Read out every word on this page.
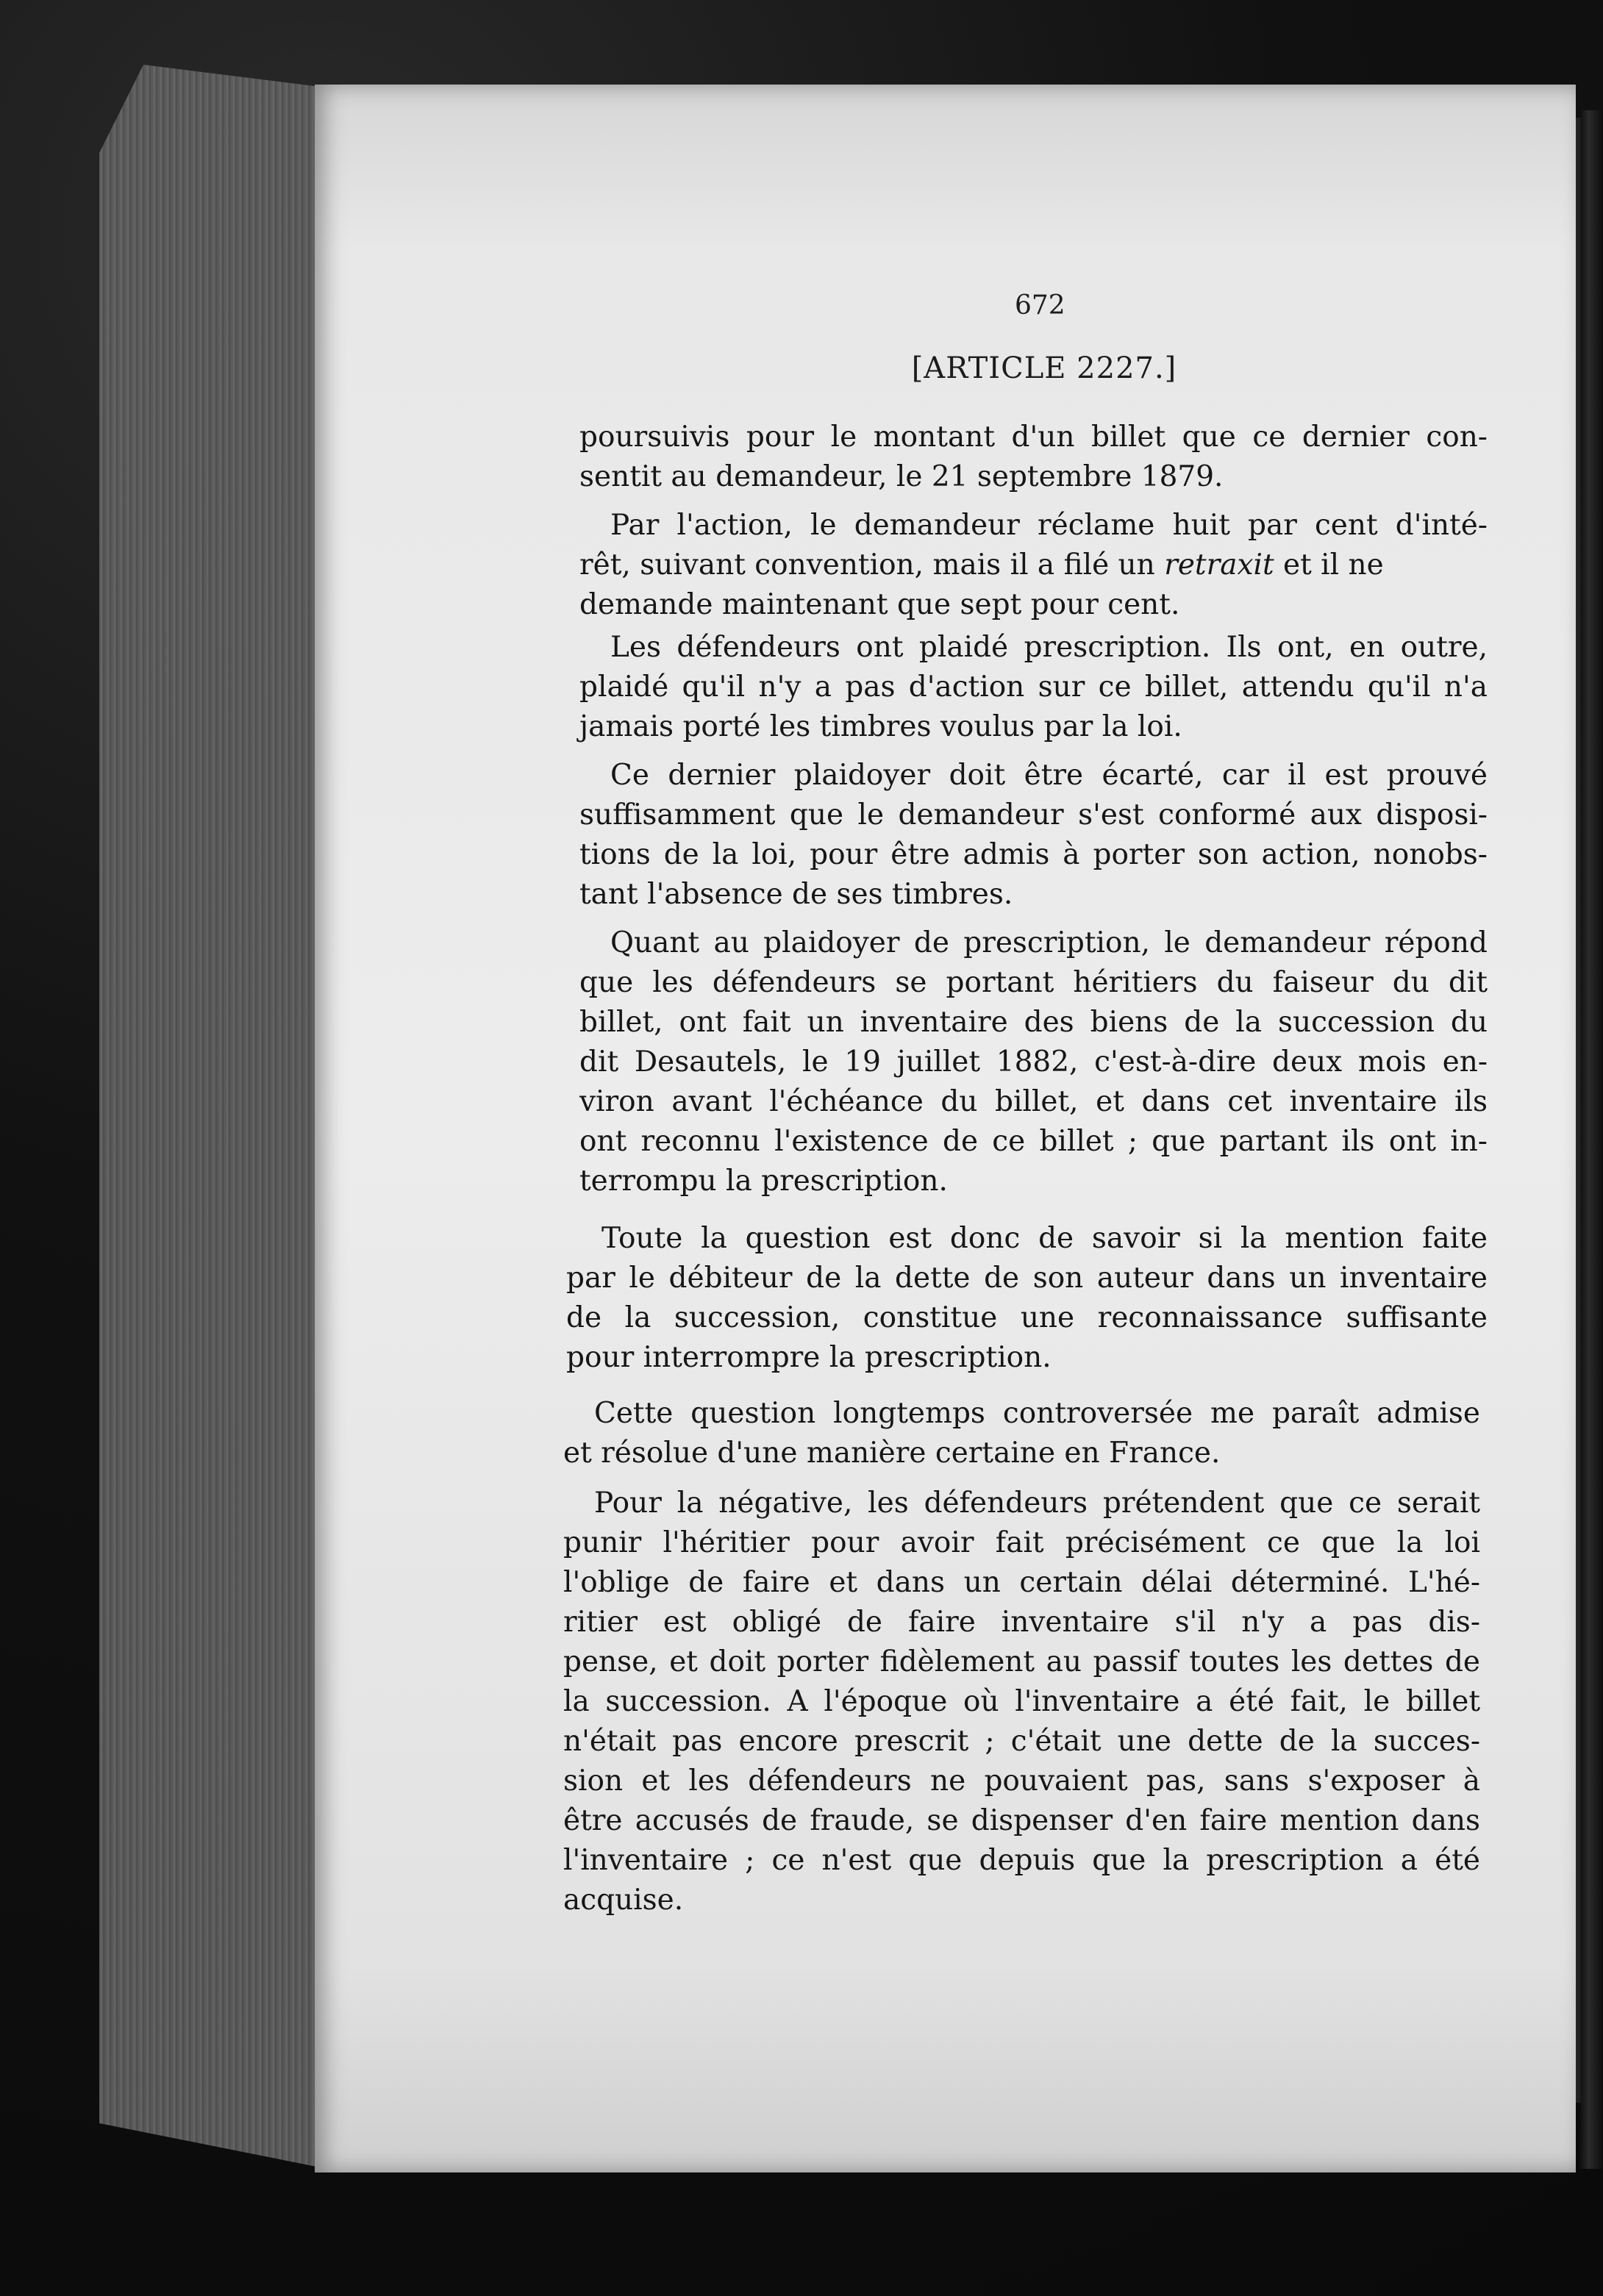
672
[ARTICLE 2227.]
poursuivis pour le montant d'un billet que ce dernier con-
sentit au demandeur, le 21 septembre 1879.
Par l'action, le demandeur réclame huit par cent d'inté-
rêt, suivant convention, mais il a filé un retraxit et il ne
demande maintenant que sept pour cent.
Les défendeurs ont plaidé prescription. Ils ont, en outre,
plaidé qu'il n'y a pas d'action sur ce billet, attendu qu'il n'a
jamais porté les timbres voulus par la loi.
Ce dernier plaidoyer doit être écarté, car il est prouvé
suffisamment que le demandeur s'est conformé aux disposi-
tions de la loi, pour être admis à porter son action, nonobs-
tant l'absence de ses timbres.
Quant au plaidoyer de prescription, le demandeur répond
que les défendeurs se portant héritiers du faiseur du dit
billet, ont fait un inventaire des biens de la succession du
dit Desautels, le 19 juillet 1882, c'est-à-dire deux mois en-
viron avant l'échéance du billet, et dans cet inventaire ils
ont reconnu l'existence de ce billet ; que partant ils ont in-
terrompu la prescription.
Toute la question est donc de savoir si la mention faite
par le débiteur de la dette de son auteur dans un inventaire
de la succession, constitue une reconnaissance suffisante
pour interrompre la prescription.
Cette question longtemps controversée me paraît admise
et résolue d'une manière certaine en France.
Pour la négative, les défendeurs prétendent que ce serait
punir l'héritier pour avoir fait précisément ce que la loi
l'oblige de faire et dans un certain délai déterminé. L'hé-
ritier est obligé de faire inventaire s'il n'y a pas dis-
pense, et doit porter fidèlement au passif toutes les dettes de
la succession. A l'époque où l'inventaire a été fait, le billet
n'était pas encore prescrit ; c'était une dette de la succes-
sion et les défendeurs ne pouvaient pas, sans s'exposer à
être accusés de fraude, se dispenser d'en faire mention dans
l'inventaire ; ce n'est que depuis que la prescription a été
acquise.
